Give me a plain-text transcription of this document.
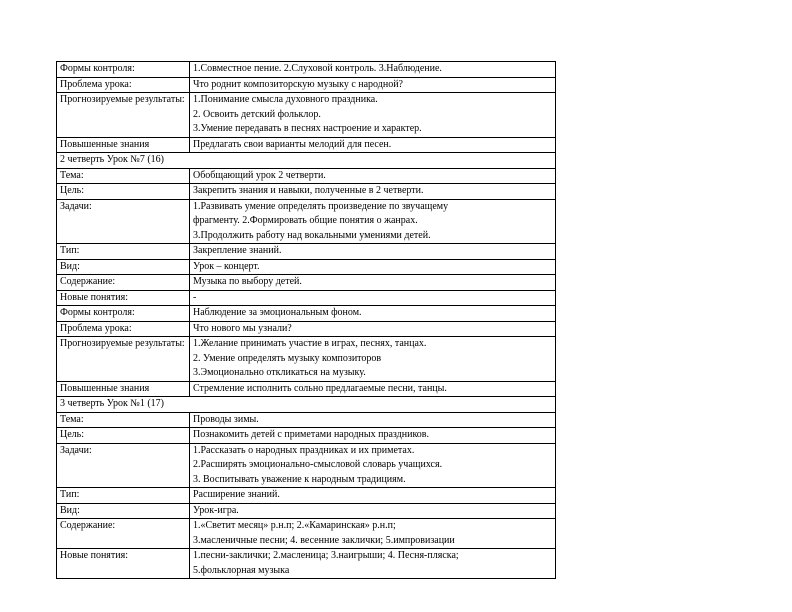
Формы контроля:	1.Совместное пение. 2.Слуховой контроль. 3.Наблюдение.

Проблема урока:	Что роднит композиторскую музыку с народной?

Прогнозируемые результаты:	1.Понимание смысла духовного праздника.
2. Освоить детский фольклор.
3.Умение передавать в песнях настроение и характер.

Повышенные знания	Предлагать свои варианты мелодий для песен.

2 четверть Урок №7 (16)	
Тема:	Обобщающий урок 2 четверти.

Цель:	Закрепить знания и навыки, полученные в 2 четверти.

Задачи:	1.Развивать умение определять произведение по звучащему
фрагменту. 2.Формировать общие понятия о жанрах.
3.Продолжить работу над вокальными умениями детей.

Тип:	Закрепление знаний.

Вид:	Урок – концерт.

Содержание:	Музыка по выбору детей.

Новые понятия:	-

Формы контроля:	Наблюдение за эмоциональным фоном.

Проблема урока:	Что нового мы узнали?

Прогнозируемые результаты:	1.Желание принимать участие в играх, песнях, танцах.
2. Умение определять музыку композиторов
3.Эмоционально откликаться на музыку.

Повышенные знания	Стремление исполнить сольно предлагаемые песни, танцы.

3 четверть Урок №1 (17)	
Тема:	Проводы зимы.

Цель:	Познакомить детей с приметами народных праздников.

Задачи:	1.Рассказать о народных праздниках и их приметах.
2.Расширять эмоционально-смысловой словарь учащихся.
3. Воспитывать уважение к народным традициям.

Тип:	Расширение знаний.

Вид:	Урок-игра.

Содержание:	1.«Светит месяц» р.н.п; 2.«Камаринская» р.н.п;
3.масленичные песни; 4. весенние заклички; 5.импровизации

Новые понятия:	1.песни-заклички; 2.масленица; 3.наигрыши; 4. Песня-пляска;
5.фольклорная музыка
